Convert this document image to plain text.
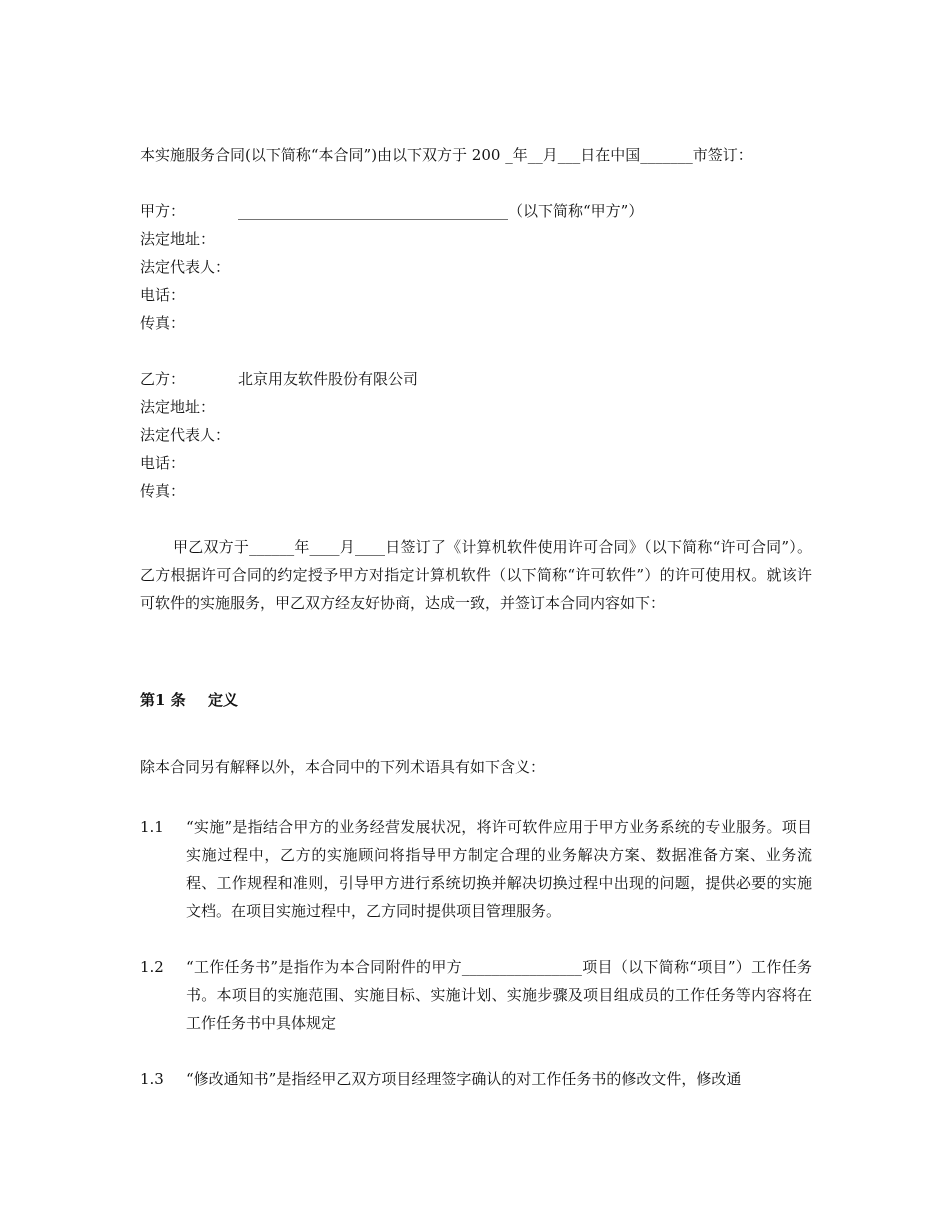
本实施服务合同(以下简称“本合同”)由以下双方于 200 _年__月___日在中国_______市签订：
甲方：	____________________________________（以下简称“甲方”）
法定地址：
法定代表人：
电话：
传真：
乙方：	北京用友软件股份有限公司
法定地址：
法定代表人：
电话：
传真：
甲乙双方于______年____月____日签订了《计算机软件使用许可合同》（以下简称“许可合同”）。乙方根据许可合同的约定授予甲方对指定计算机软件（以下简称“许可软件”）的许可使用权。就该许可软件的实施服务，甲乙双方经友好协商，达成一致，并签订本合同内容如下：
第1 条 定义
除本合同另有解释以外，本合同中的下列术语具有如下含义：
1.1 “实施”是指结合甲方的业务经营发展状况，将许可软件应用于甲方业务系统的专业服务。项目实施过程中，乙方的实施顾问将指导甲方制定合理的业务解决方案、数据准备方案、业务流程、工作规程和准则，引导甲方进行系统切换并解决切换过程中出现的问题，提供必要的实施文档。在项目实施过程中，乙方同时提供项目管理服务。
1.2 “工作任务书”是指作为本合同附件的甲方________________项目（以下简称“项目”）工作任务书。本项目的实施范围、实施目标、实施计划、实施步骤及项目组成员的工作任务等内容将在工作任务书中具体规定
1.3 “修改通知书”是指经甲乙双方项目经理签字确认的对工作任务书的修改文件，修改通
